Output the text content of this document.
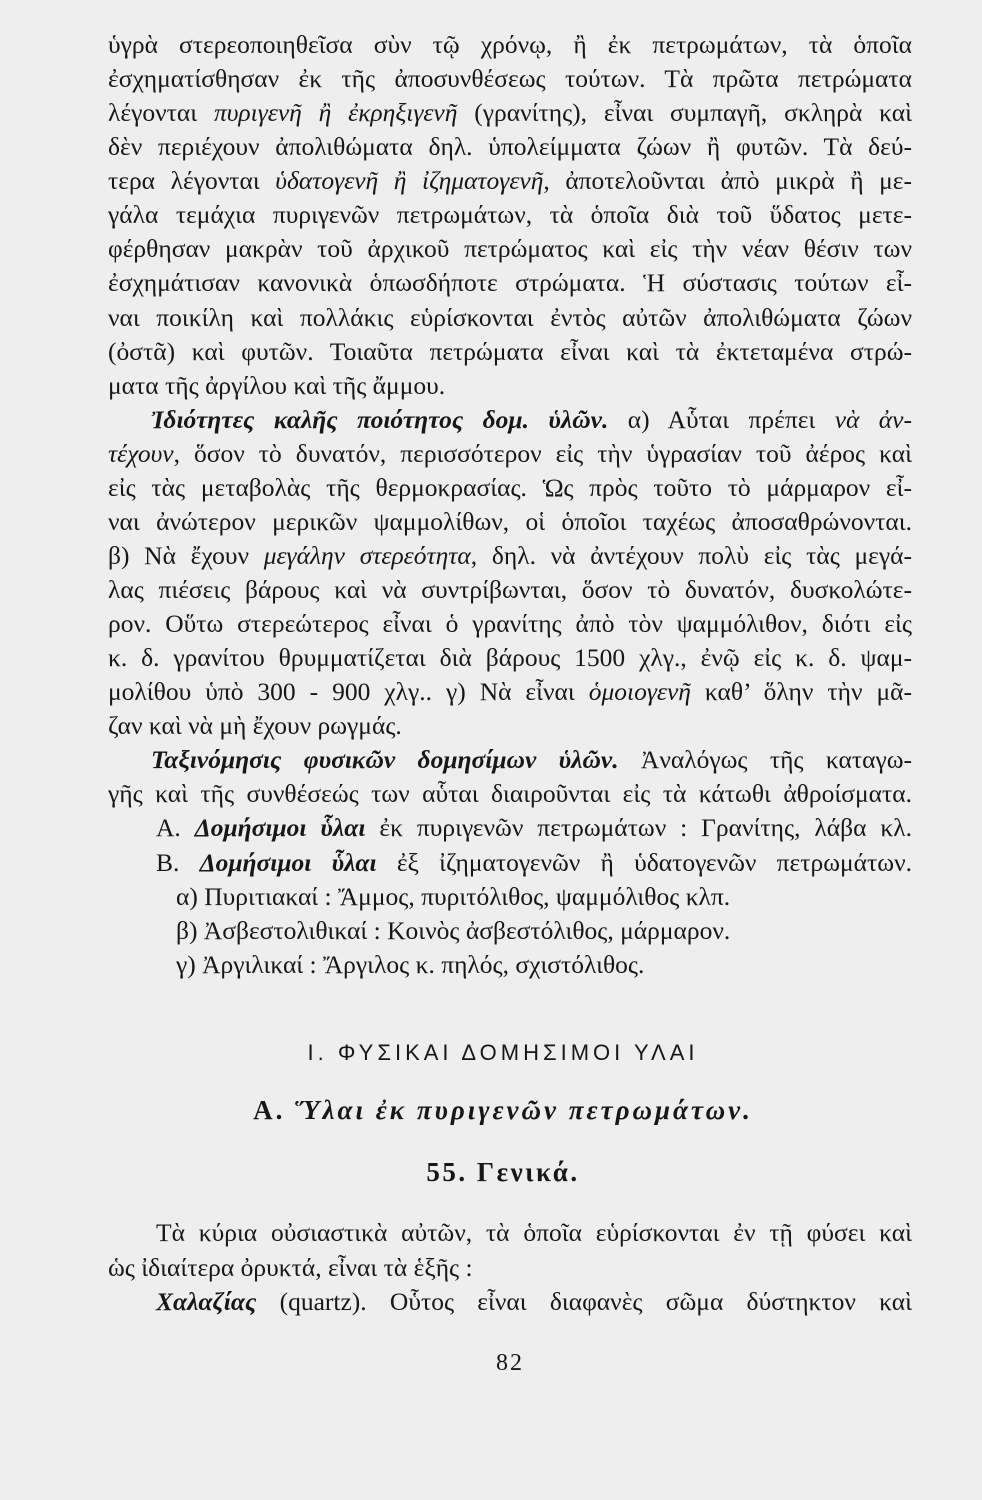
ὑγρὰ στερεοποιηθεῖσα σὺν τῷ χρόνῳ, ἢ ἐκ πετρωμάτων, τὰ ὁποῖα
ἐσχηματίσθησαν ἐκ τῆς ἀποσυνθέσεως τούτων. Τὰ πρῶτα πετρώματα
λέγονται πυριγενῆ ἢ ἐκρηξιγενῆ (γρανίτης), εἶναι συμπαγῆ, σκληρὰ καὶ
δὲν περιέχουν ἀπολιθώματα δηλ. ὑπολείμματα ζώων ἢ φυτῶν. Τὰ δεύ-
τερα λέγονται ὑδατογενῆ ἢ ἰζηματογενῆ, ἀποτελοῦνται ἀπὸ μικρὰ ἢ με-
γάλα τεμάχια πυριγενῶν πετρωμάτων, τὰ ὁποῖα διὰ τοῦ ὕδατος μετε-
φέρθησαν μακρὰν τοῦ ἀρχικοῦ πετρώματος καὶ εἰς τὴν νέαν θέσιν των
ἐσχημάτισαν κανονικὰ ὁπωσδήποτε στρώματα. Ἡ σύστασις τούτων εἶ-
ναι ποικίλη καὶ πολλάκις εὑρίσκονται ἐντὸς αὐτῶν ἀπολιθώματα ζώων
(ὀστᾶ) καὶ φυτῶν. Τοιαῦτα πετρώματα εἶναι καὶ τὰ ἐκτεταμένα στρώ-
ματα τῆς ἀργίλου καὶ τῆς ἄμμου.
Ἰδιότητες καλῆς ποιότητος δομ. ὑλῶν. α) Αὗται πρέπει νὰ ἀν-
τέχουν, ὅσον τὸ δυνατόν, περισσότερον εἰς τὴν ὑγρασίαν τοῦ ἀέρος καὶ
εἰς τὰς μεταβολὰς τῆς θερμοκρασίας. Ὡς πρὸς τοῦτο τὸ μάρμαρον εἶ-
ναι ἀνώτερον μερικῶν ψαμμολίθων, οἱ ὁποῖοι ταχέως ἀποσαθρώνονται.
β) Νὰ ἔχουν μεγάλην στερεότητα, δηλ. νὰ ἀντέχουν πολὺ εἰς τὰς μεγά-
λας πιέσεις βάρους καὶ νὰ συντρίβωνται, ὅσον τὸ δυνατόν, δυσκολώτε-
ρον. Οὕτω στερεώτερος εἶναι ὁ γρανίτης ἀπὸ τὸν ψαμμόλιθον, διότι εἰς
κ. δ. γρανίτου θρυμματίζεται διὰ βάρους 1500 χλγ., ἐνῷ εἰς κ. δ. ψαμ-
μολίθου ὑπὸ 300 - 900 χλγ.. γ) Νὰ εἶναι ὁμοιογενῆ καθ’ ὅλην τὴν μᾶ-
ζαν καὶ νὰ μὴ ἔχουν ρωγμάς.
Ταξινόμησις φυσικῶν δομησίμων ὑλῶν. Ἀναλόγως τῆς καταγω-
γῆς καὶ τῆς συνθέσεώς των αὗται διαιροῦνται εἰς τὰ κάτωθι ἀθροίσματα.
Α. Δομήσιμοι ὗλαι ἐκ πυριγενῶν πετρωμάτων : Γρανίτης, λάβα κλ.
Β. Δομήσιμοι ὗλαι ἐξ ἰζηματογενῶν ἢ ὑδατογενῶν πετρωμάτων.
α) Πυριτιακαί : Ἄμμος, πυριτόλιθος, ψαμμόλιθος κλπ.
β) Ἀσβεστολιθικαί : Κοινὸς ἀσβεστόλιθος, μάρμαρον.
γ) Ἀργιλικαί : Ἄργιλος κ. πηλός, σχιστόλιθος.
I. ΦΥΣΙΚΑΙ ΔΟΜΗΣΙΜΟΙ ΥΛΑΙ
Α. Ὕλαι ἐκ πυριγενῶν πετρωμάτων.
55. Γενικά.
Τὰ κύρια οὐσιαστικὰ αὐτῶν, τὰ ὁποῖα εὑρίσκονται ἐν τῇ φύσει καὶ
ὡς ἰδιαίτερα ὀρυκτά, εἶναι τὰ ἑξῆς :
Χαλαζίας (quartz). Οὗτος εἶναι διαφανὲς σῶμα δύστηκτον καὶ
82
